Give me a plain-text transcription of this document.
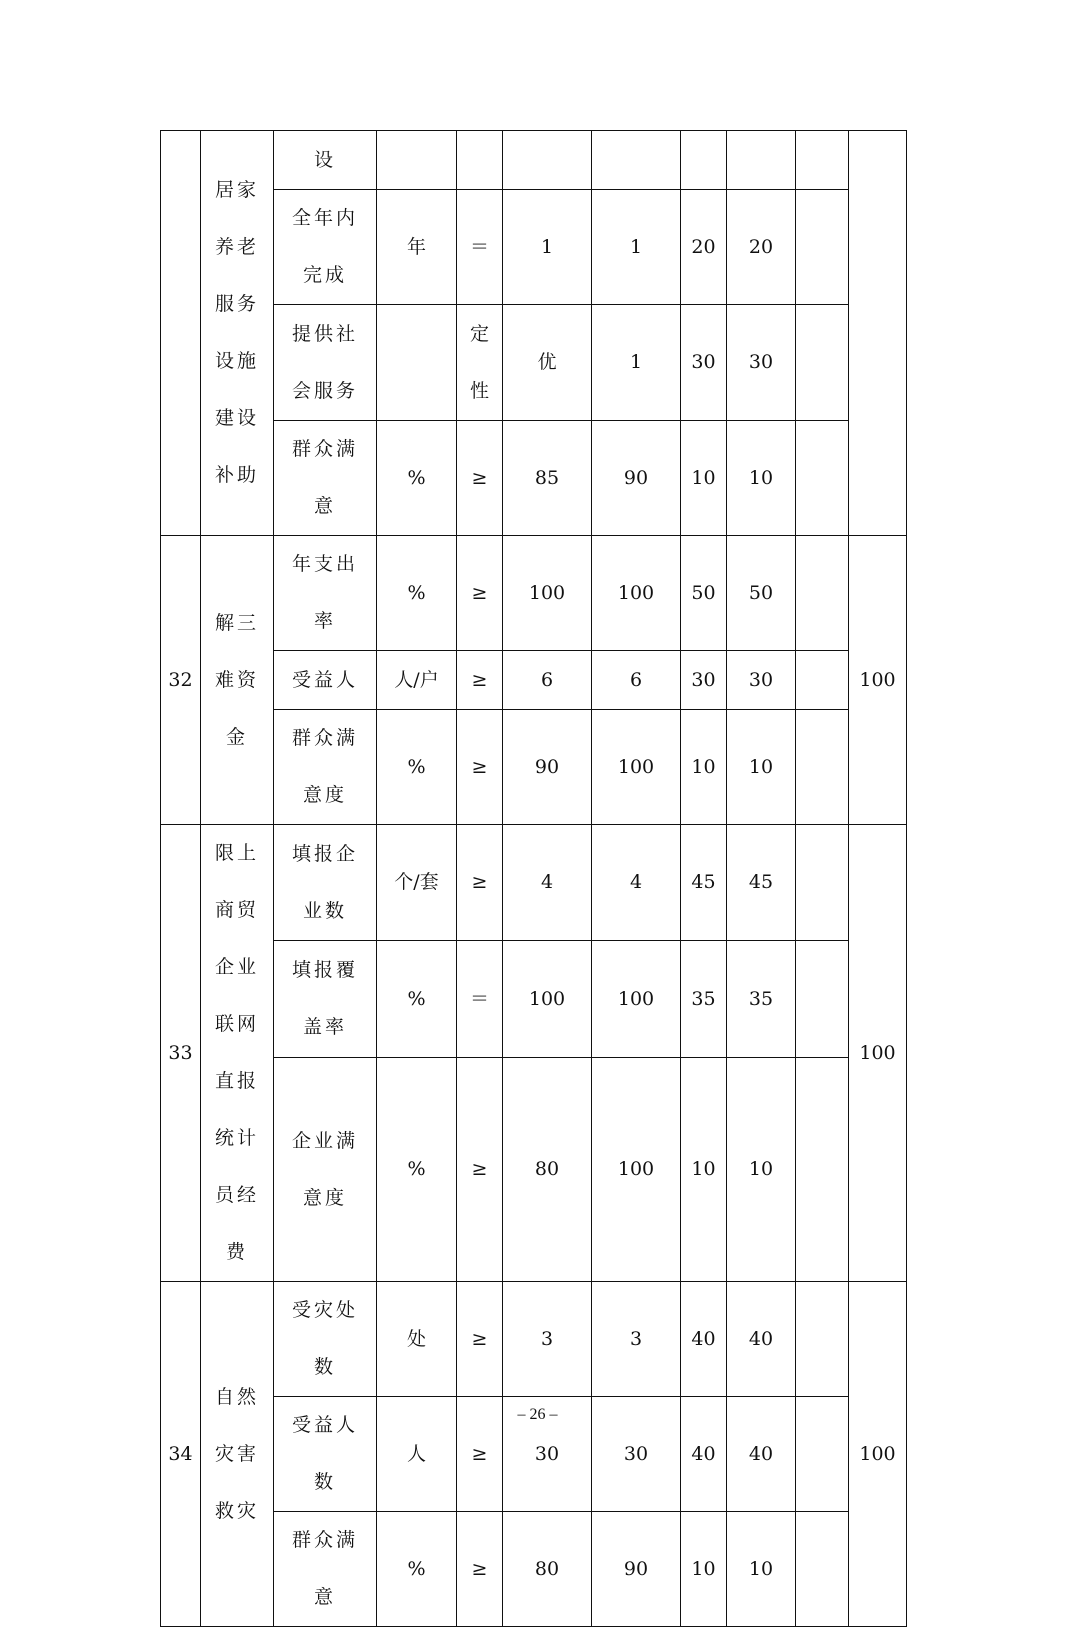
	居家养老服务设施建设补助	设								

		全年内完成	年	＝	1	1	20	20		

		提供社会服务		定性	优	1	30	30		

		群众满意	%	≥	85	90	10	10		
32	解三难资金	年支出率	%	≥	100	100	50	50		100

		受益人	人/户	≥	6	6	30	30		

		群众满意度	%	≥	90	100	10	10		
33	限上商贸企业联网直报统计员经费	填报企业数	个/套	≥	4	4	45	45		100

		填报覆盖率	%	＝	100	100	35	35		

		企业满意度	%	≥	80	100	10	10		
34	自然灾害救灾	受灾处数	处	≥	3	3	40	40		100

		受益人数	人	≥	30	30	40	40		

		群众满意	%	≥	80	90	10	10		
– 26 –
